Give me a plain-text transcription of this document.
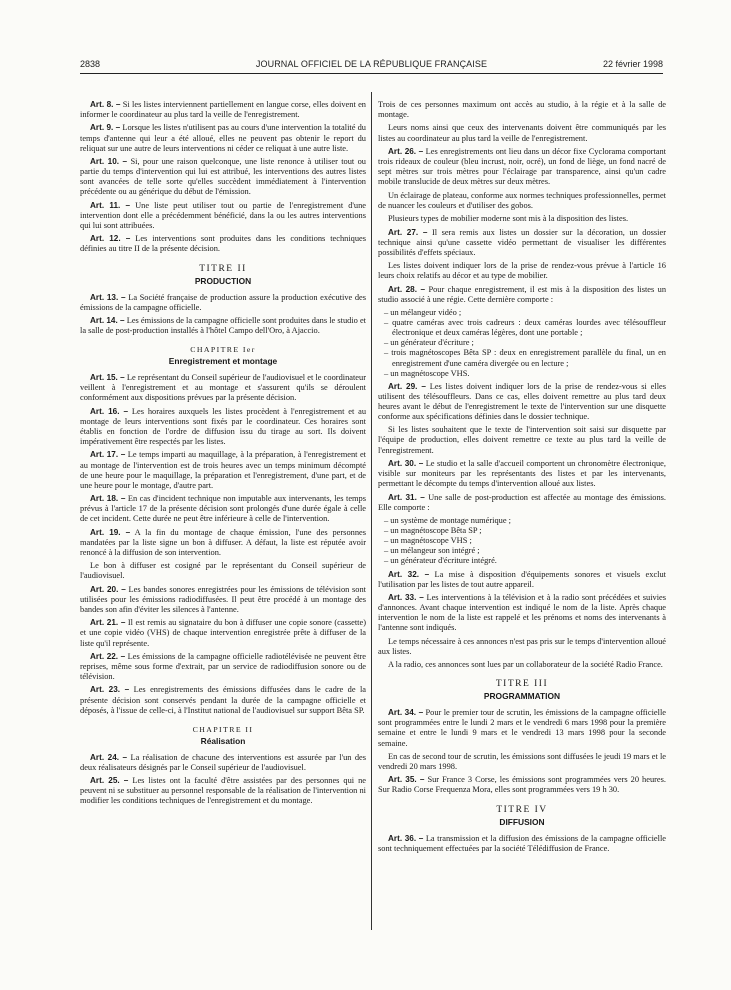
2838	JOURNAL OFFICIEL DE LA RÉPUBLIQUE FRANÇAISE	22 février 1998

Art. 8. – Si les listes interviennent partiellement en langue corse, elles doivent en informer le coordinateur au plus tard la veille de l'enregistrement.

Art. 9. – Lorsque les listes n'utilisent pas au cours d'une intervention la totalité du temps d'antenne qui leur a été alloué, elles ne peuvent pas obtenir le report du reliquat sur une autre de leurs interventions ni céder ce reliquat à une autre liste.

Art. 10. – Si, pour une raison quelconque, une liste renonce à utiliser tout ou partie du temps d'intervention qui lui est attribué, les interventions des autres listes sont avancées de telle sorte qu'elles succèdent immédiatement à l'intervention précédente ou au générique du début de l'émission.

Art. 11. – Une liste peut utiliser tout ou partie de l'enregistrement d'une intervention dont elle a précédemment bénéficié, dans la ou les autres interventions qui lui sont attribuées.

Art. 12. – Les interventions sont produites dans les conditions techniques définies au titre II de la présente décision.

TITRE II
PRODUCTION

Art. 13. – La Société française de production assure la production exécutive des émissions de la campagne officielle.

Art. 14. – Les émissions de la campagne officielle sont produites dans le studio et la salle de post-production installés à l'hôtel Campo dell'Oro, à Ajaccio.

CHAPITRE Ier
Enregistrement et montage

Art. 15. – Le représentant du Conseil supérieur de l'audiovisuel et le coordinateur veillent à l'enregistrement et au montage et s'assurent qu'ils se déroulent conformément aux dispositions prévues par la présente décision.

Art. 16. – Les horaires auxquels les listes procèdent à l'enregistrement et au montage de leurs interventions sont fixés par le coordinateur. Ces horaires sont établis en fonction de l'ordre de diffusion issu du tirage au sort. Ils doivent impérativement être respectés par les listes.

Art. 17. – Le temps imparti au maquillage, à la préparation, à l'enregistrement et au montage de l'intervention est de trois heures avec un temps minimum décompté de une heure pour le maquillage, la préparation et l'enregistrement, d'une part, et de une heure pour le montage, d'autre part.

Art. 18. – En cas d'incident technique non imputable aux intervenants, les temps prévus à l'article 17 de la présente décision sont prolongés d'une durée égale à celle de cet incident. Cette durée ne peut être inférieure à celle de l'intervention.

Art. 19. – A la fin du montage de chaque émission, l'une des personnes mandatées par la liste signe un bon à diffuser. A défaut, la liste est réputée avoir renoncé à la diffusion de son intervention.

Le bon à diffuser est cosigné par le représentant du Conseil supérieur de l'audiovisuel.

Art. 20. – Les bandes sonores enregistrées pour les émissions de télévision sont utilisées pour les émissions radiodiffusées. Il peut être procédé à un montage des bandes son afin d'éviter les silences à l'antenne.

Art. 21. – Il est remis au signataire du bon à diffuser une copie sonore (cassette) et une copie vidéo (VHS) de chaque intervention enregistrée prête à diffuser de la liste qu'il représente.

Art. 22. – Les émissions de la campagne officielle radiotélévisée ne peuvent être reprises, même sous forme d'extrait, par un service de radiodiffusion sonore ou de télévision.

Art. 23. – Les enregistrements des émissions diffusées dans le cadre de la présente décision sont conservés pendant la durée de la campagne officielle et déposés, à l'issue de celle-ci, à l'Institut national de l'audiovisuel sur support Bêta SP.

CHAPITRE II
Réalisation

Art. 24. – La réalisation de chacune des interventions est assurée par l'un des deux réalisateurs désignés par le Conseil supérieur de l'audiovisuel.

Art. 25. – Les listes ont la faculté d'être assistées par des personnes qui ne peuvent ni se substituer au personnel responsable de la réalisation de l'intervention ni modifier les conditions techniques de l'enregistrement et du montage.

Trois de ces personnes maximum ont accès au studio, à la régie et à la salle de montage.

Leurs noms ainsi que ceux des intervenants doivent être communiqués par les listes au coordinateur au plus tard la veille de l'enregistrement.

Art. 26. – Les enregistrements ont lieu dans un décor fixe Cyclorama comportant trois rideaux de couleur (bleu incrust, noir, ocré), un fond de liège, un fond nacré de sept mètres sur trois mètres pour l'éclairage par transparence, ainsi qu'un cadre mobile translucide de deux mètres sur deux mètres.

Un éclairage de plateau, conforme aux normes techniques professionnelles, permet de nuancer les couleurs et d'utiliser des gobos.

Plusieurs types de mobilier moderne sont mis à la disposition des listes.

Art. 27. – Il sera remis aux listes un dossier sur la décoration, un dossier technique ainsi qu'une cassette vidéo permettant de visualiser les différentes possibilités d'effets spéciaux.

Les listes doivent indiquer lors de la prise de rendez-vous prévue à l'article 16 leurs choix relatifs au décor et au type de mobilier.

Art. 28. – Pour chaque enregistrement, il est mis à la disposition des listes un studio associé à une régie. Cette dernière comporte :

– un mélangeur vidéo ;
– quatre caméras avec trois cadreurs : deux caméras lourdes avec télésouffleur électronique et deux caméras légères, dont une portable ;
– un générateur d'écriture ;
– trois magnétoscopes Bêta SP : deux en enregistrement parallèle du final, un en enregistrement d'une caméra divergée ou en lecture ;
– un magnétoscope VHS.

Art. 29. – Les listes doivent indiquer lors de la prise de rendez-vous si elles utilisent des télésouffleurs. Dans ce cas, elles doivent remettre au plus tard deux heures avant le début de l'enregistrement le texte de l'intervention sur une disquette conforme aux spécifications définies dans le dossier technique.

Si les listes souhaitent que le texte de l'intervention soit saisi sur disquette par l'équipe de production, elles doivent remettre ce texte au plus tard la veille de l'enregistrement.

Art. 30. – Le studio et la salle d'accueil comportent un chronomètre électronique, visible sur moniteurs par les représentants des listes et par les intervenants, permettant le décompte du temps d'intervention alloué aux listes.

Art. 31. – Une salle de post-production est affectée au montage des émissions. Elle comporte :

– un système de montage numérique ;
– un magnétoscope Bêta SP ;
– un magnétoscope VHS ;
– un mélangeur son intégré ;
– un générateur d'écriture intégré.

Art. 32. – La mise à disposition d'équipements sonores et visuels exclut l'utilisation par les listes de tout autre appareil.

Art. 33. – Les interventions à la télévision et à la radio sont précédées et suivies d'annonces. Avant chaque intervention est indiqué le nom de la liste. Après chaque intervention le nom de la liste est rappelé et les prénoms et noms des intervenants à l'antenne sont indiqués.

Le temps nécessaire à ces annonces n'est pas pris sur le temps d'intervention alloué aux listes.

A la radio, ces annonces sont lues par un collaborateur de la société Radio France.

TITRE III
PROGRAMMATION

Art. 34. – Pour le premier tour de scrutin, les émissions de la campagne officielle sont programmées entre le lundi 2 mars et le vendredi 6 mars 1998 pour la première semaine et entre le lundi 9 mars et le vendredi 13 mars 1998 pour la seconde semaine.

En cas de second tour de scrutin, les émissions sont diffusées le jeudi 19 mars et le vendredi 20 mars 1998.

Art. 35. – Sur France 3 Corse, les émissions sont programmées vers 20 heures. Sur Radio Corse Frequenza Mora, elles sont programmées vers 19 h 30.

TITRE IV
DIFFUSION

Art. 36. – La transmission et la diffusion des émissions de la campagne officielle sont techniquement effectuées par la société Télédiffusion de France.
